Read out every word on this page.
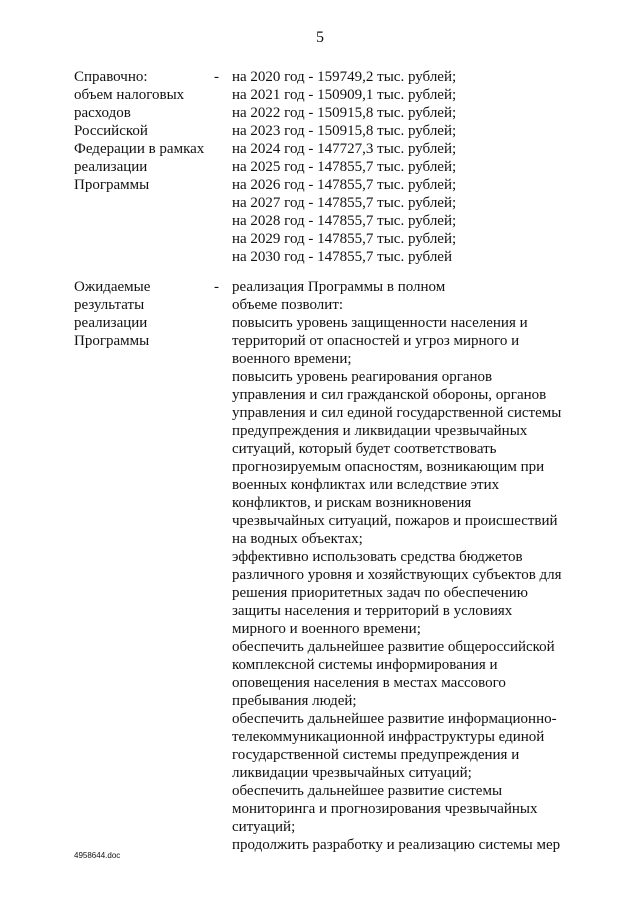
5
Справочно:
объем налоговых
расходов
Российской
Федерации в рамках
реализации
Программы
- на 2020 год - 159749,2 тыс. рублей;
на 2021 год - 150909,1 тыс. рублей;
на 2022 год - 150915,8 тыс. рублей;
на 2023 год - 150915,8 тыс. рублей;
на 2024 год - 147727,3 тыс. рублей;
на 2025 год - 147855,7 тыс. рублей;
на 2026 год - 147855,7 тыс. рублей;
на 2027 год - 147855,7 тыс. рублей;
на 2028 год - 147855,7 тыс. рублей;
на 2029 год - 147855,7 тыс. рублей;
на 2030 год - 147855,7 тыс. рублей
Ожидаемые
результаты
реализации
Программы
- реализация Программы в полном
объеме позволит:
повысить уровень защищенности населения и
территорий от опасностей и угроз мирного и
военного времени;
повысить уровень реагирования органов
управления и сил гражданской обороны, органов
управления и сил единой государственной системы
предупреждения и ликвидации чрезвычайных
ситуаций, который будет соответствовать
прогнозируемым опасностям, возникающим при
военных конфликтах или вследствие этих
конфликтов, и рискам возникновения
чрезвычайных ситуаций, пожаров и происшествий
на водных объектах;
эффективно использовать средства бюджетов
различного уровня и хозяйствующих субъектов для
решения приоритетных задач по обеспечению
защиты населения и территорий в условиях
мирного и военного времени;
обеспечить дальнейшее развитие общероссийской
комплексной системы информирования и
оповещения населения в местах массового
пребывания людей;
обеспечить дальнейшее развитие информационно-
телекоммуникационной инфраструктуры единой
государственной системы предупреждения и
ликвидации чрезвычайных ситуаций;
обеспечить дальнейшее развитие системы
мониторинга и прогнозирования чрезвычайных
ситуаций;
продолжить разработку и реализацию системы мер
4958644.doc
